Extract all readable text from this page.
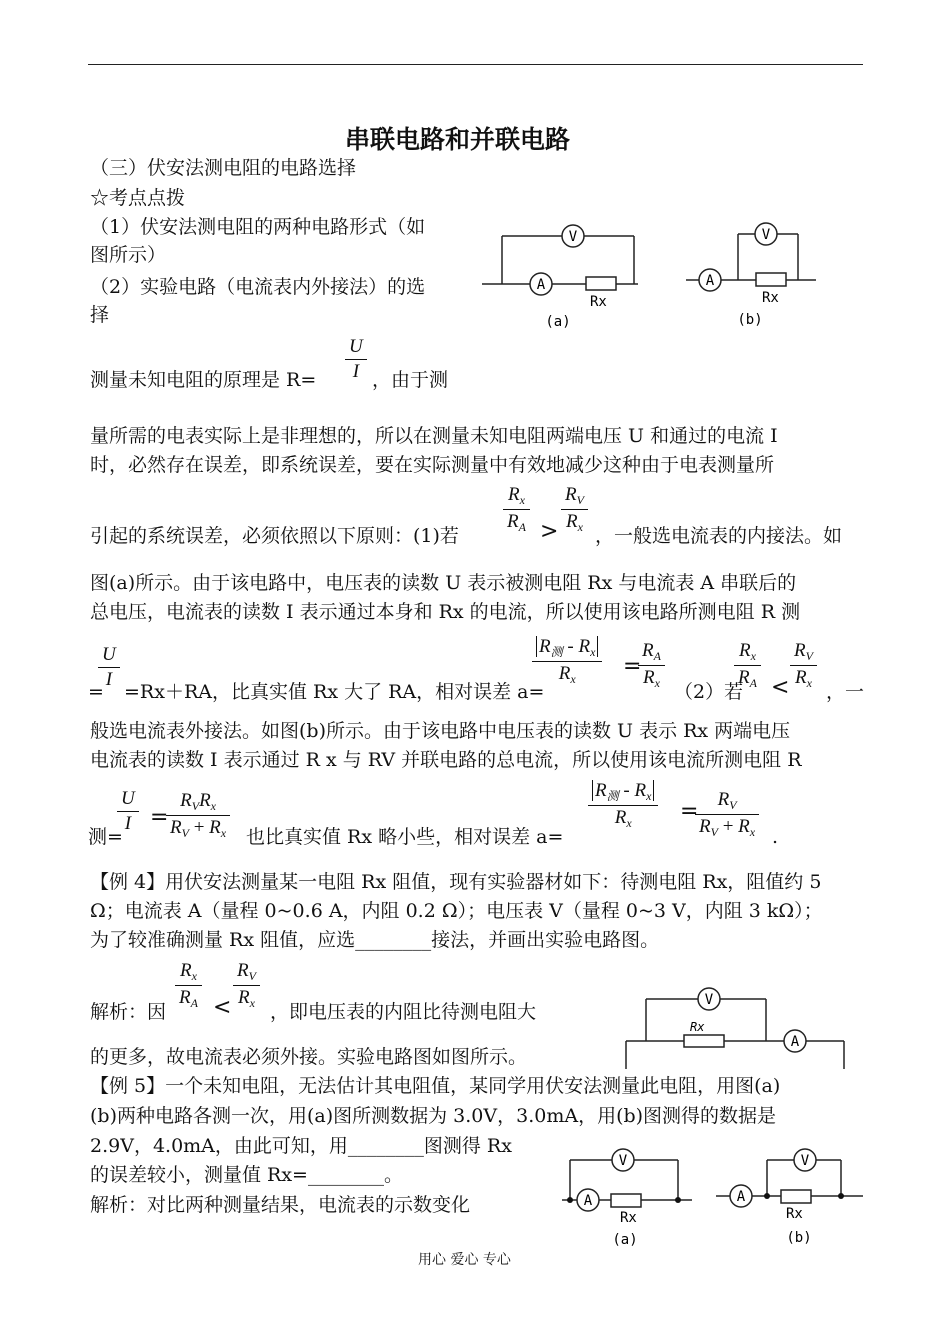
串联电路和并联电路
（三）伏安法测电阻的电路选择
☆考点点拨
（1）伏安法测电阻的两种电路形式（如
图所示）
（2）实验电路（电流表内外接法）的选
择
A
V
Rx
(a)
A
V
Rx
(b)
测量未知电阻的原理是 $R= \frac{U}{I}$ ，由于测
量所需的电表实际上是非理想的，所以在测量未知电阻两端电压 U 和通过的电流 I
时，必然存在误差，即系统误差，要在实际测量中有效地减少这种由于电表测量所
引起的系统误差，必须依照以下原则：(1)若
$\frac{R_x}{R_A} > \frac{R_V}{R_x}$
，一般选电流表的内接法。如
图(a)所示。由于该电路中，电压表的读数 U 表示被测电阻 Rx 与电流表 A 串联后的
总电压，电流表的读数 I 表示通过本身和 Rx 的电流，所以使用该电路所测电阻 R 测
$\frac{U}{I}$
= =Rx＋RA，比真实值 Rx 大了 RA，相对误差 a=
$R_测 - R_x$
$R_x$	=
$\frac{R_A}{R_x}$
（2）若
$\frac{R_x}{R_A} < \frac{R_V}{R_x}$
，一
般选电流表外接法。如图(b)所示。由于该电路中电压表的读数 U 表示 Rx 两端电压
电流表的读数 I 表示通过 R x 与 RV 并联电路的总电流，所以使用该电流所测电阻 R
测=
$\frac{U}{I}$ =
$R_VR_x$
$R_V + R_x$ 也比真实值 Rx 略小些，相对误差 a=
$R_测 - R_x$
$R_x$	=
$\frac{R_V}{R_V + R_x}$ .
【例 4】用伏安法测量某一电阻 Rx 阻值，现有实验器材如下：待测电阻 Rx，阻值约 5
Ω；电流表 A（量程 0~0.6 A，内阻 0.2 Ω）；电压表 V（量程 0~3 V，内阻 3 kΩ）；
为了较准确测量 Rx 阻值，应选________接法，并画出实验电路图。
解析：因
$\frac{R_x}{R_A} < \frac{R_V}{R_x}$
，即电压表的内阻比待测电阻大
的更多，故电流表必须外接。实验电路图如图所示。
V
A
Rx
【例 5】一个未知电阻，无法估计其电阻值，某同学用伏安法测量此电阻，用图(a)
(b)两种电路各测一次，用(a)图所测数据为 3.0V，3.0mA，用(b)图测得的数据是
2.9V，4.0mA，由此可知，用________图测得 Rx
的误差较小，测量值 Rx=________。
解析：对比两种测量结果，电流表的示数变化	A
V
Rx
(a)
A
V
Rx
(b)
用心 爱心 专心
